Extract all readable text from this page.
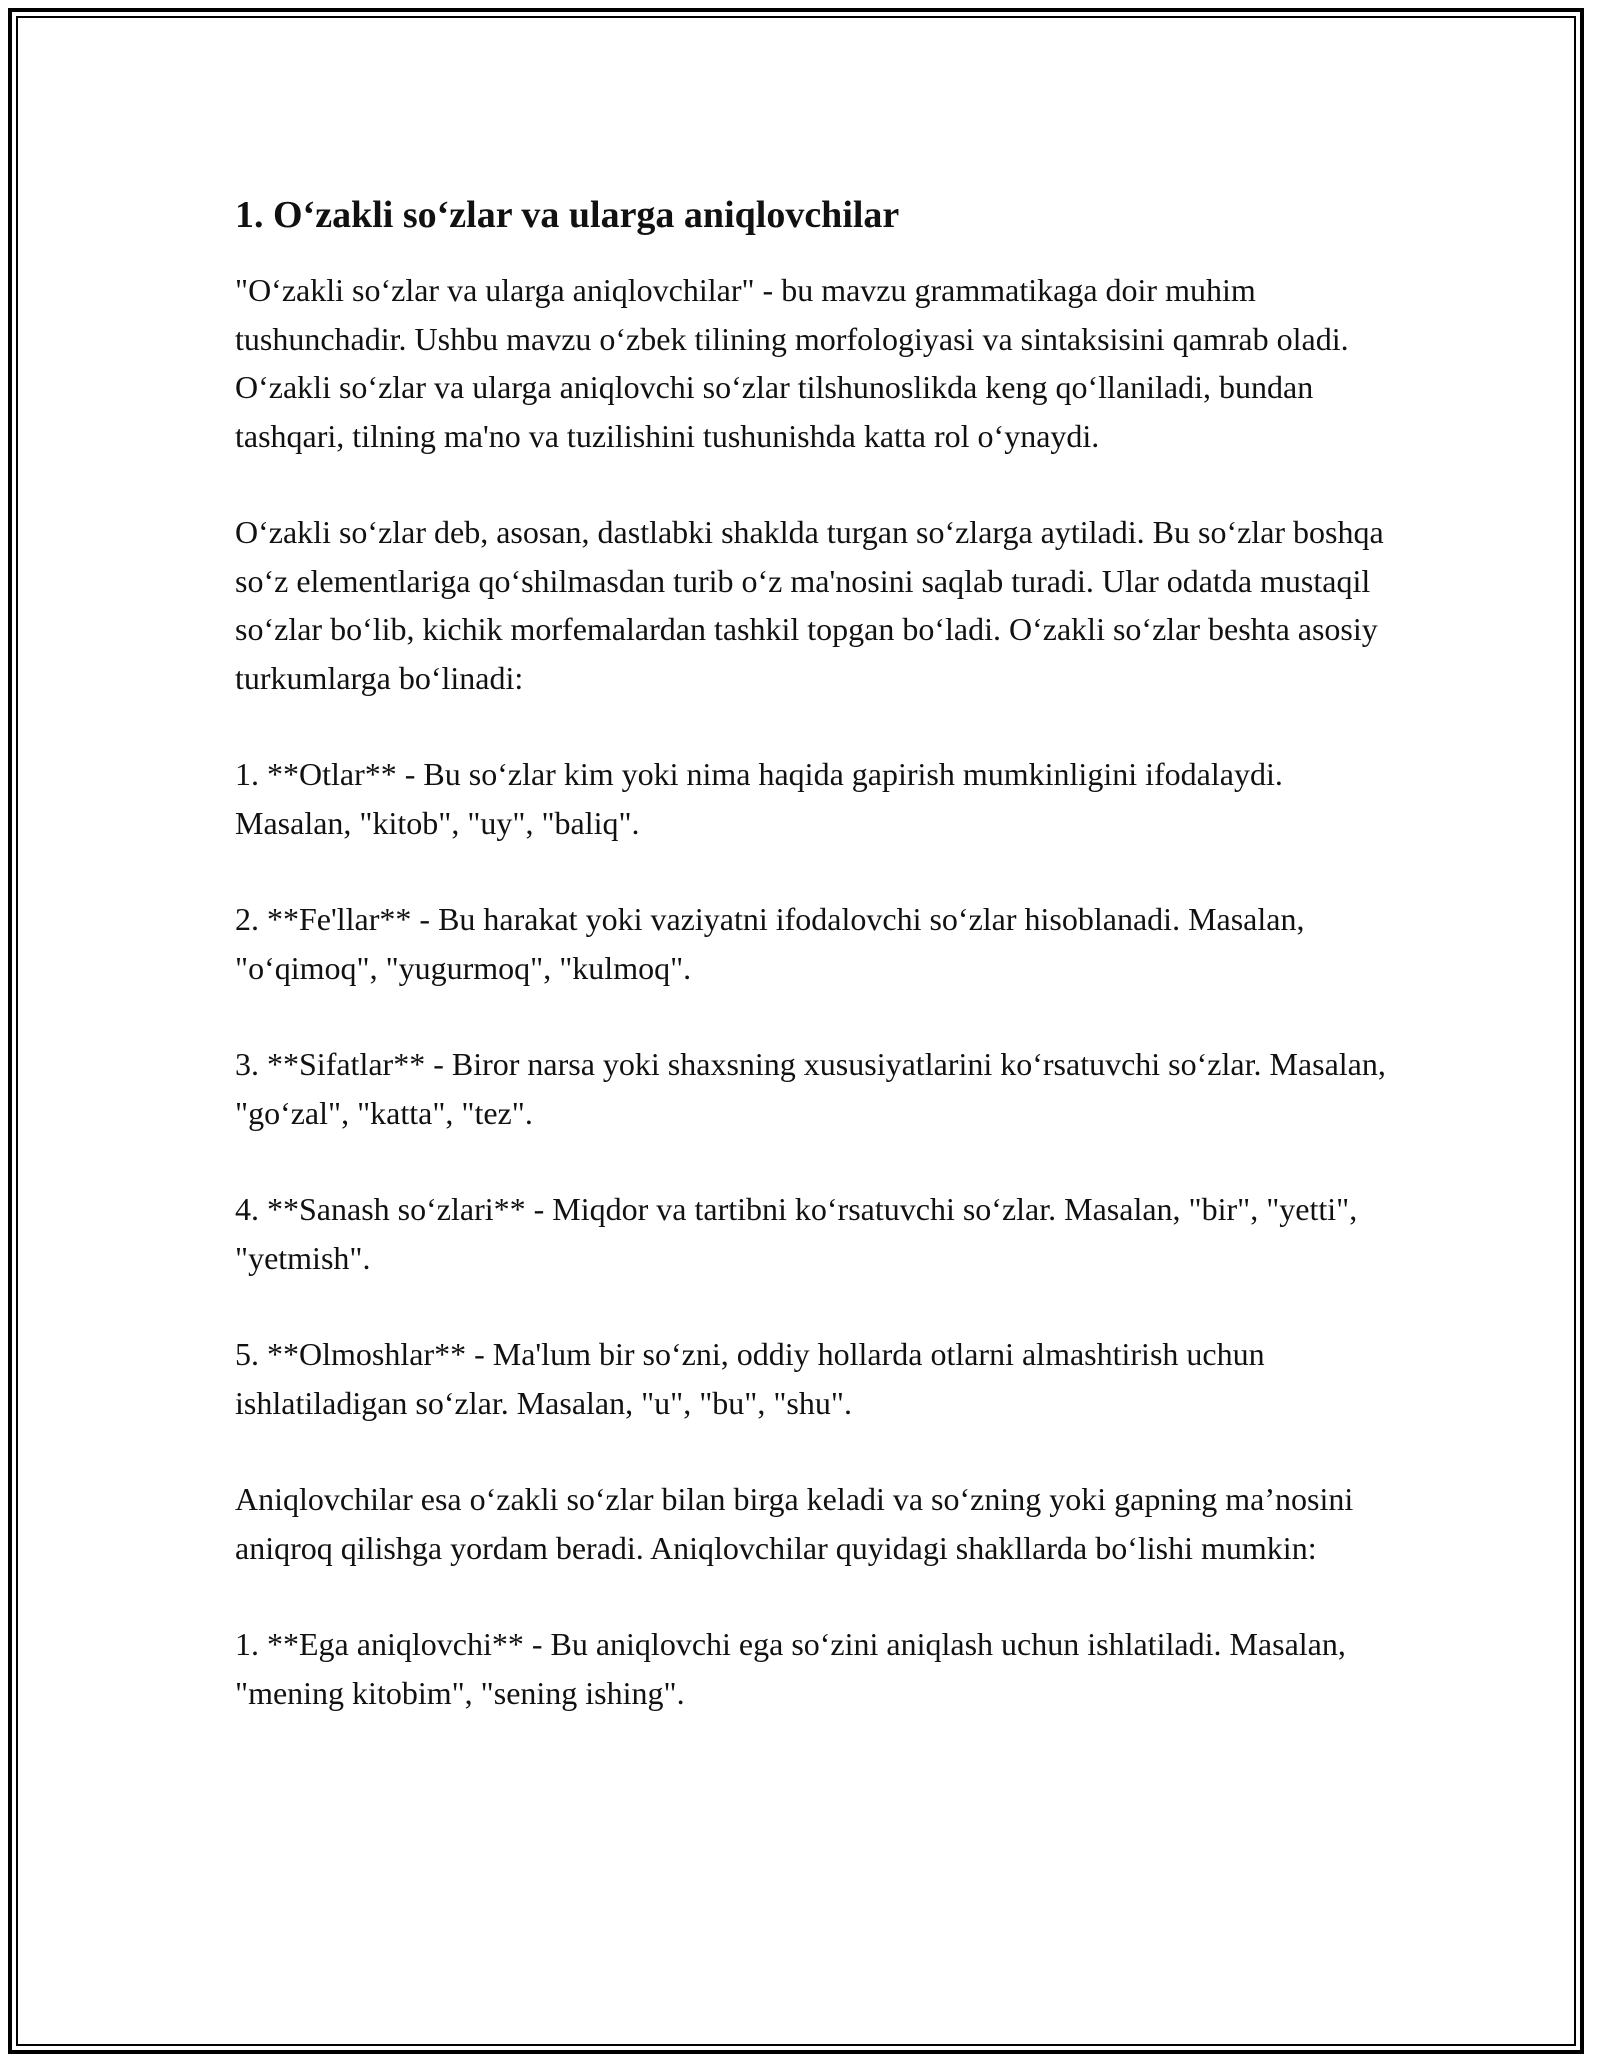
1. O‘zakli so‘zlar va ularga aniqlovchilar

"O‘zakli so‘zlar va ularga aniqlovchilar" - bu mavzu grammatikaga doir muhim tushunchadir. Ushbu mavzu o‘zbek tilining morfologiyasi va sintaksisini qamrab oladi. O‘zakli so‘zlar va ularga aniqlovchi so‘zlar tilshunoslikda keng qo‘llaniladi, bundan tashqari, tilning ma'no va tuzilishini tushunishda katta rol o‘ynaydi.

O‘zakli so‘zlar deb, asosan, dastlabki shaklda turgan so‘zlarga aytiladi. Bu so‘zlar boshqa so‘z elementlariga qo‘shilmasdan turib o‘z ma'nosini saqlab turadi. Ular odatda mustaqil so‘zlar bo‘lib, kichik morfemalardan tashkil topgan bo‘ladi. O‘zakli so‘zlar beshta asosiy turkumlarga bo‘linadi:

1. **Otlar** - Bu so‘zlar kim yoki nima haqida gapirish mumkinligini ifodalaydi. Masalan, "kitob", "uy", "baliq".

2. **Fe'llar** - Bu harakat yoki vaziyatni ifodalovchi so‘zlar hisoblanadi. Masalan, "o‘qimoq", "yugurmoq", "kulmoq".

3. **Sifatlar** - Biror narsa yoki shaxsning xususiyatlarini ko‘rsatuvchi so‘zlar. Masalan, "go‘zal", "katta", "tez".

4. **Sanash so‘zlari** - Miqdor va tartibni ko‘rsatuvchi so‘zlar. Masalan, "bir", "yetti", "yetmish".

5. **Olmoshlar** - Ma'lum bir so‘zni, oddiy hollarda otlarni almashtirish uchun ishlatiladigan so‘zlar. Masalan, "u", "bu", "shu".

Aniqlovchilar esa o‘zakli so‘zlar bilan birga keladi va so‘zning yoki gapning ma’nosini aniqroq qilishga yordam beradi. Aniqlovchilar quyidagi shakllarda bo‘lishi mumkin:

1. **Ega aniqlovchi** - Bu aniqlovchi ega so‘zini aniqlash uchun ishlatiladi. Masalan, "mening kitobim", "sening ishing".
